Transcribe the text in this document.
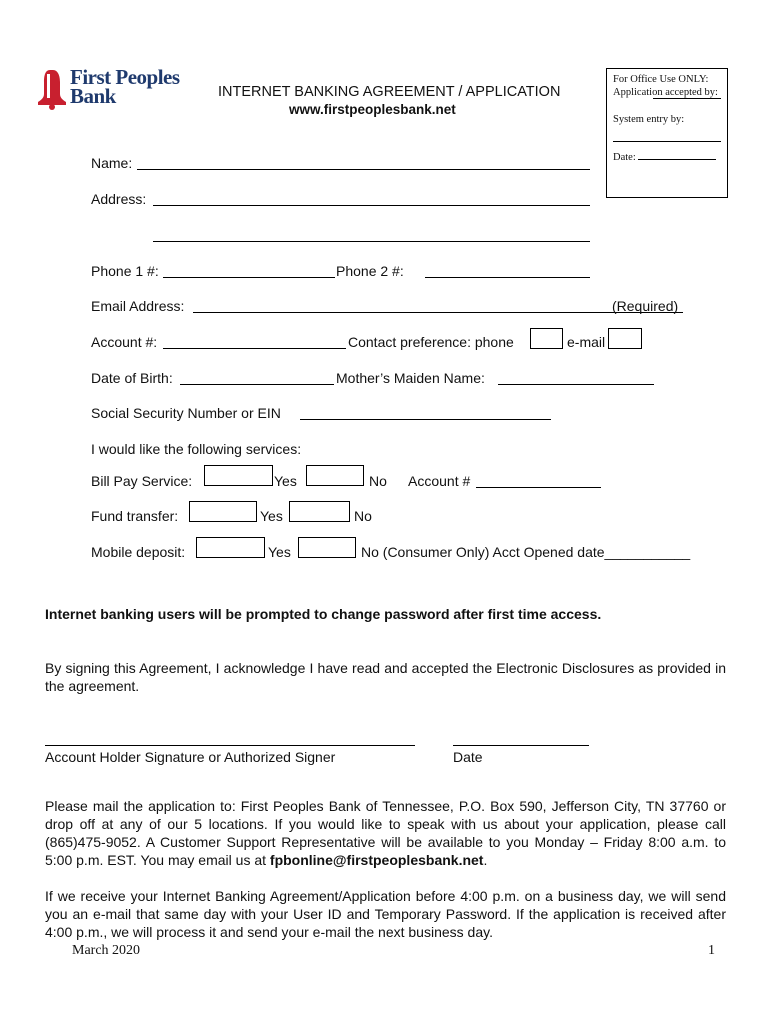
First Peoples
Bank	INTERNET BANKING AGREEMENT / APPLICATION
www.firstpeoplesbank.net
For Office Use ONLY:
Application accepted by:
System entry by:
Date:
Name:
Address:
Phone 1 #:	Phone 2 #:
Email Address:	(Required)
Account #:	Contact preference: phone	e-mail
Date of Birth:	Mother’s Maiden Name:
Social Security Number or EIN
I would like the following services:
Bill Pay Service:	Yes	No Account #
Fund transfer:	Yes	No
Mobile deposit:	Yes	No (Consumer Only) Acct Opened date___________
Internet banking users will be prompted to change password after first time access.
By signing this Agreement, I acknowledge I have read and accepted the Electronic Disclosures as provided in the agreement.
Account Holder Signature or Authorized Signer	Date
Please mail the application to: First Peoples Bank of Tennessee, P.O. Box 590, Jefferson City, TN 37760 or drop off at any of our 5 locations. If you would like to speak with us about your application, please call (865)475-9052. A Customer Support Representative will be available to you Monday – Friday 8:00 a.m. to 5:00 p.m. EST. You may email us at fpbonline@firstpeoplesbank.net.
If we receive your Internet Banking Agreement/Application before 4:00 p.m. on a business day, we will send you an e-mail that same day with your User ID and Temporary Password. If the application is received after 4:00 p.m., we will process it and send your e-mail the next business day.
March 2020	1
